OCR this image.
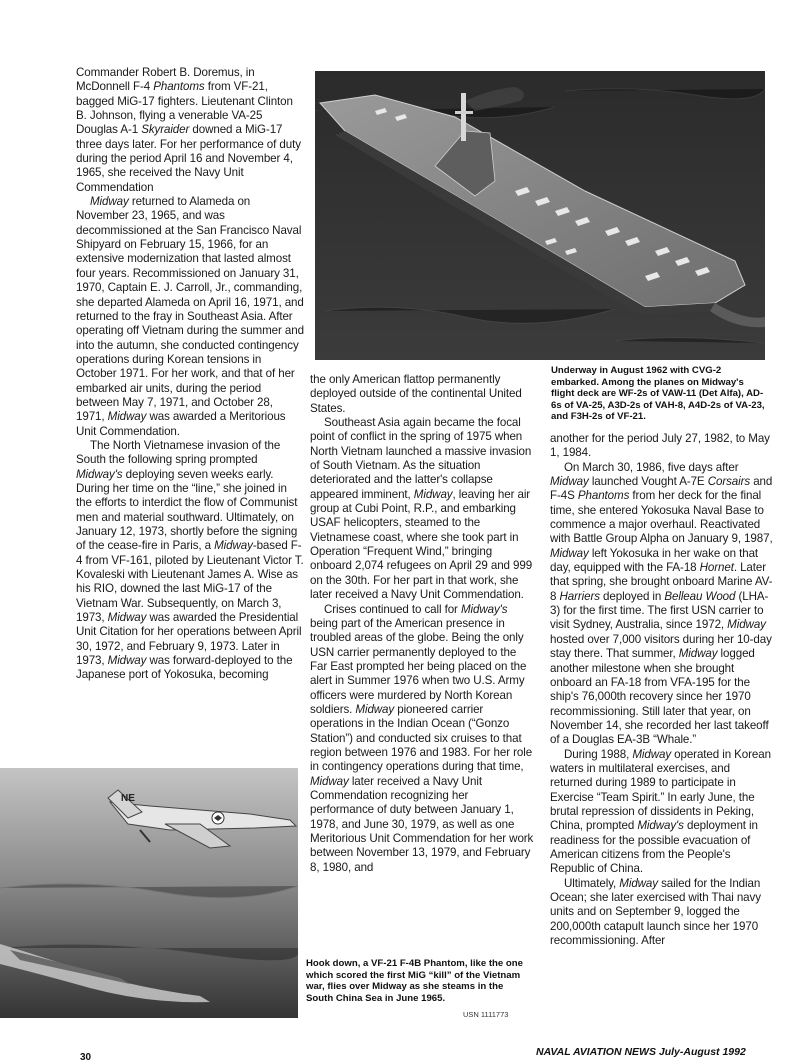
NE

Commander Robert B. Doremus, in McDonnell F-4 Phantoms from VF-21, bagged MiG-17 fighters. Lieutenant Clinton B. Johnson, flying a venerable VA-25 Douglas A-1 Skyraider downed a MiG-17 three days later. For her performance of duty during the period April 16 and November 4, 1965, she received the Navy Unit Commendation

Midway returned to Alameda on November 23, 1965, and was decommissioned at the San Francisco Naval Shipyard on February 15, 1966, for an extensive modernization that lasted almost four years. Recommissioned on January 31, 1970, Captain E. J. Carroll, Jr., commanding, she departed Alameda on April 16, 1971, and returned to the fray in Southeast Asia. After operating off Vietnam during the summer and into the autumn, she conducted contingency operations during Korean tensions in October 1971. For her work, and that of her embarked air units, during the period between May 7, 1971, and October 28, 1971, Midway was awarded a Meritorious Unit Commendation.

The North Vietnamese invasion of the South the following spring prompted Midway's deploying seven weeks early. During her time on the “line,” she joined in the efforts to interdict the flow of Communist men and material southward. Ultimately, on January 12, 1973, shortly before the signing of the cease-fire in Paris, a Midway-based F-4 from VF-161, piloted by Lieutenant Victor T. Kovaleski with Lieutenant James A. Wise as his RIO, downed the last MiG-17 of the Vietnam War. Subsequently, on March 3, 1973, Midway was awarded the Presidential Unit Citation for her operations between April 30, 1972, and February 9, 1973. Later in 1973, Midway was forward-deployed to the Japanese port of Yokosuka, becoming

the only American flattop permanently deployed outside of the continental United States.

Southeast Asia again became the focal point of conflict in the spring of 1975 when North Vietnam launched a massive invasion of South Vietnam. As the situation deteriorated and the latter's collapse appeared imminent, Midway, leaving her air group at Cubi Point, R.P., and embarking USAF helicopters, steamed to the Vietnamese coast, where she took part in Operation “Frequent Wind,” bringing onboard 2,074 refugees on April 29 and 999 on the 30th. For her part in that work, she later received a Navy Unit Commendation.

Crises continued to call for Midway's being part of the American presence in troubled areas of the globe. Being the only USN carrier permanently deployed to the Far East prompted her being placed on the alert in Summer 1976 when two U.S. Army officers were murdered by North Korean soldiers. Midway pioneered carrier operations in the Indian Ocean (“Gonzo Station”) and conducted six cruises to that region between 1976 and 1983. For her role in contingency operations during that time, Midway later received a Navy Unit Commendation recognizing her performance of duty between January 1, 1978, and June 30, 1979, as well as one Meritorious Unit Commendation for her work between November 13, 1979, and February 8, 1980, and

another for the period July 27, 1982, to May 1, 1984.

On March 30, 1986, five days after Midway launched Vought A-7E Corsairs and F-4S Phantoms from her deck for the final time, she entered Yokosuka Naval Base to commence a major overhaul. Reactivated with Battle Group Alpha on January 9, 1987, Midway left Yokosuka in her wake on that day, equipped with the FA-18 Hornet. Later that spring, she brought onboard Marine AV-8 Harriers deployed in Belleau Wood (LHA-3) for the first time. The first USN carrier to visit Sydney, Australia, since 1972, Midway hosted over 7,000 visitors during her 10-day stay there. That summer, Midway logged another milestone when she brought onboard an FA-18 from VFA-195 for the ship's 76,000th recovery since her 1970 recommissioning. Still later that year, on November 14, she recorded her last takeoff of a Douglas EA-3B “Whale.”

During 1988, Midway operated in Korean waters in multilateral exercises, and returned during 1989 to participate in Exercise “Team Spirit.” In early June, the brutal repression of dissidents in Peking, China, prompted Midway's deployment in readiness for the possible evacuation of American citizens from the People's Republic of China.

Ultimately, Midway sailed for the Indian Ocean; she later exercised with Thai navy units and on September 9, logged the 200,000th catapult launch since her 1970 recommissioning. After

Underway in August 1962 with CVG-2 embarked. Among the planes on Midway's flight deck are WF-2s of VAW-11 (Det Alfa), AD-6s of VA-25, A3D-2s of VAH-8, A4D-2s of VA-23, and F3H-2s of VF-21.
Hook down, a VF-21 F-4B Phantom, like the one which scored the first MiG “kill” of the Vietnam war, flies over Midway as she steams in the South China Sea in June 1965.
USN 1111773
30	NAVAL AVIATION NEWS July-August 1992
